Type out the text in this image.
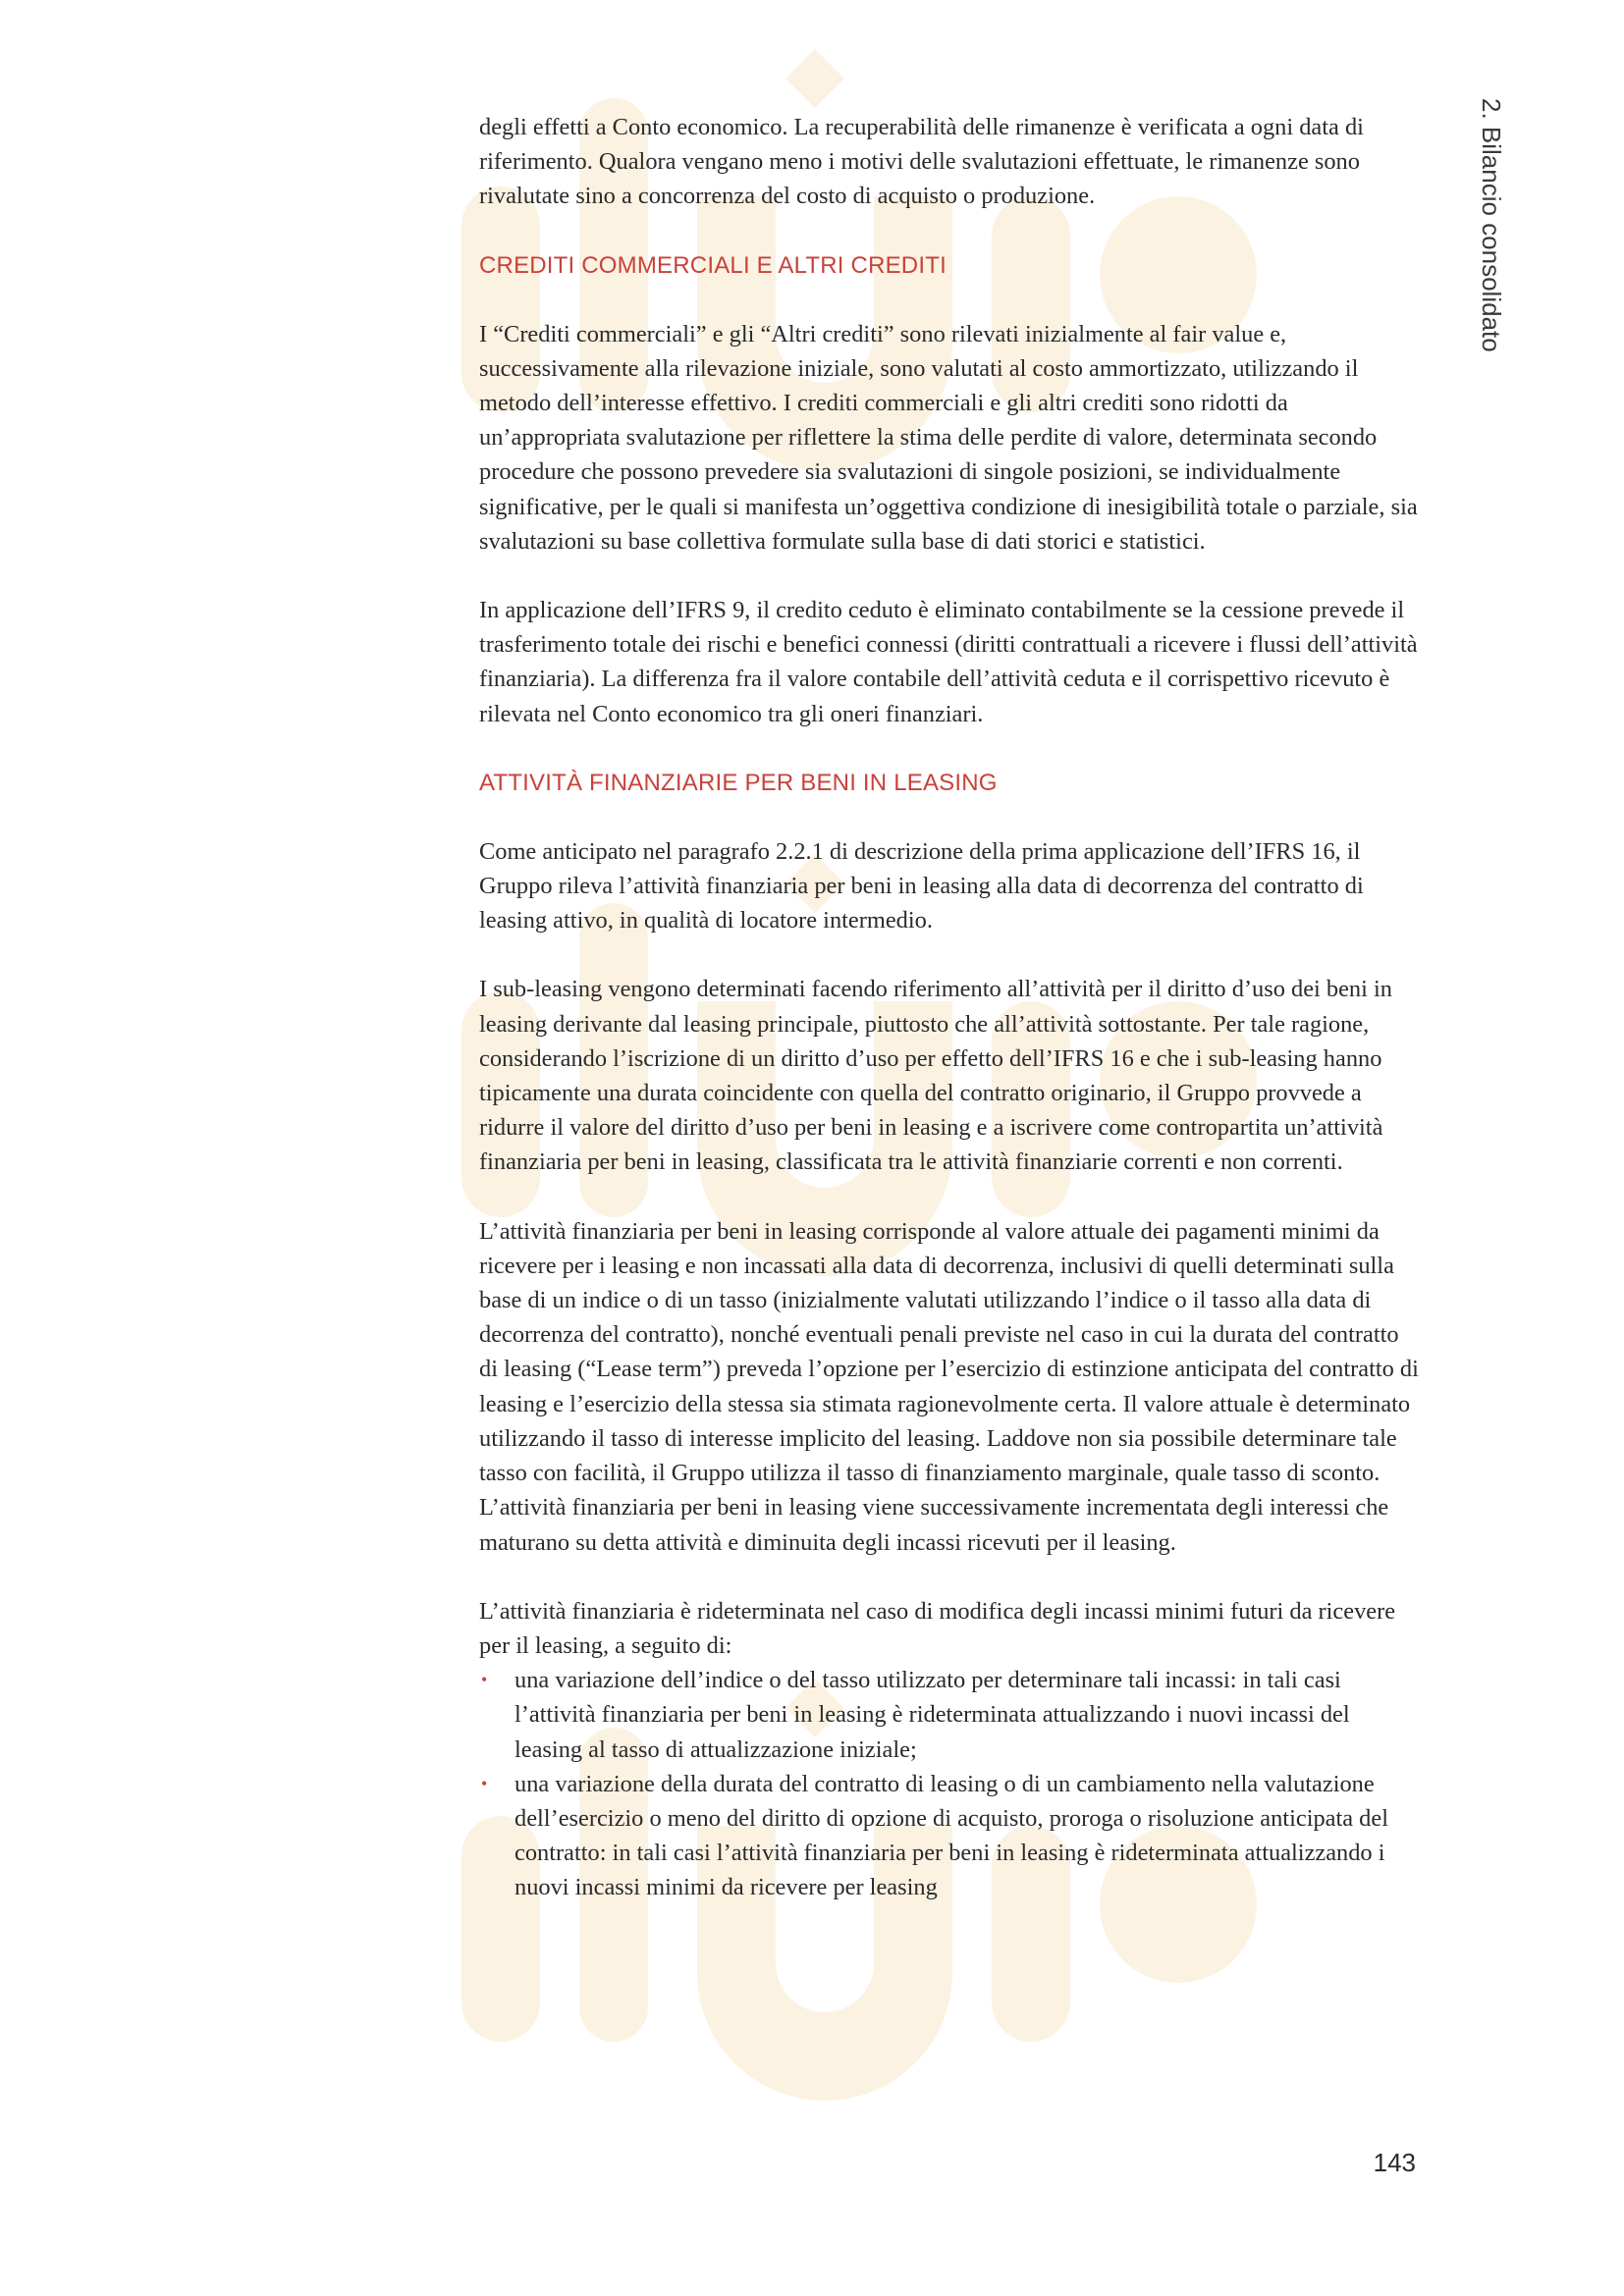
2. Bilancio consolidato

degli effetti a Conto economico. La recuperabilità delle rimanenze è verificata a ogni data di riferimento. Qualora vengano meno i motivi delle svalutazioni effettuate, le rimanenze sono rivalutate sino a concorrenza del costo di acquisto o produzione.

CREDITI COMMERCIALI E ALTRI CREDITI

I “Crediti commerciali” e gli “Altri crediti” sono rilevati inizialmente al fair value e, successivamente alla rilevazione iniziale, sono valutati al costo ammortizzato, utilizzando il metodo dell’interesse effettivo. I crediti commerciali e gli altri crediti sono ridotti da un’appropriata svalutazione per riflettere la stima delle perdite di valore, determinata secondo procedure che possono prevedere sia svalutazioni di singole posizioni, se individualmente significative, per le quali si manifesta un’oggettiva condizione di inesigibilità totale o parziale, sia svalutazioni su base collettiva formulate sulla base di dati storici e statistici.

In applicazione dell’IFRS 9, il credito ceduto è eliminato contabilmente se la cessione prevede il trasferimento totale dei rischi e benefici connessi (diritti contrattuali a ricevere i flussi dell’attività finanziaria). La differenza fra il valore contabile dell’attività ceduta e il corrispettivo ricevuto è rilevata nel Conto economico tra gli oneri finanziari.

ATTIVITÀ FINANZIARIE PER BENI IN LEASING

Come anticipato nel paragrafo 2.2.1 di descrizione della prima applicazione dell’IFRS 16, il Gruppo rileva l’attività finanziaria per beni in leasing alla data di decorrenza del contratto di leasing attivo, in qualità di locatore intermedio.

I sub-leasing vengono determinati facendo riferimento all’attività per il diritto d’uso dei beni in leasing derivante dal leasing principale, piuttosto che all’attività sottostante. Per tale ragione, considerando l’iscrizione di un diritto d’uso per effetto dell’IFRS 16 e che i sub-leasing hanno tipicamente una durata coincidente con quella del contratto originario, il Gruppo provvede a ridurre il valore del diritto d’uso per beni in leasing e a iscrivere come contropartita un’attività finanziaria per beni in leasing, classificata tra le attività finanziarie correnti e non correnti.

L’attività finanziaria per beni in leasing corrisponde al valore attuale dei pagamenti minimi da ricevere per i leasing e non incassati alla data di decorrenza, inclusivi di quelli determinati sulla base di un indice o di un tasso (inizialmente valutati utilizzando l’indice o il tasso alla data di decorrenza del contratto), nonché eventuali penali previste nel caso in cui la durata del contratto di leasing (“Lease term”) preveda l’opzione per l’esercizio di estinzione anticipata del contratto di leasing e l’esercizio della stessa sia stimata ragionevolmente certa. Il valore attuale è determinato utilizzando il tasso di interesse implicito del leasing. Laddove non sia possibile determinare tale tasso con facilità, il Gruppo utilizza il tasso di finanziamento marginale, quale tasso di sconto. L’attività finanziaria per beni in leasing viene successivamente incrementata degli interessi che maturano su detta attività e diminuita degli incassi ricevuti per il leasing.

L’attività finanziaria è rideterminata nel caso di modifica degli incassi minimi futuri da ricevere per il leasing, a seguito di:

• una variazione dell’indice o del tasso utilizzato per determinare tali incassi: in tali casi l’attività finanziaria per beni in leasing è rideterminata attualizzando i nuovi incassi del leasing al tasso di attualizzazione iniziale;
• una variazione della durata del contratto di leasing o di un cambiamento nella valutazione dell’esercizio o meno del diritto di opzione di acquisto, proroga o risoluzione anticipata del contratto: in tali casi l’attività finanziaria per beni in leasing è rideterminata attualizzando i nuovi incassi minimi da ricevere per leasing
143
